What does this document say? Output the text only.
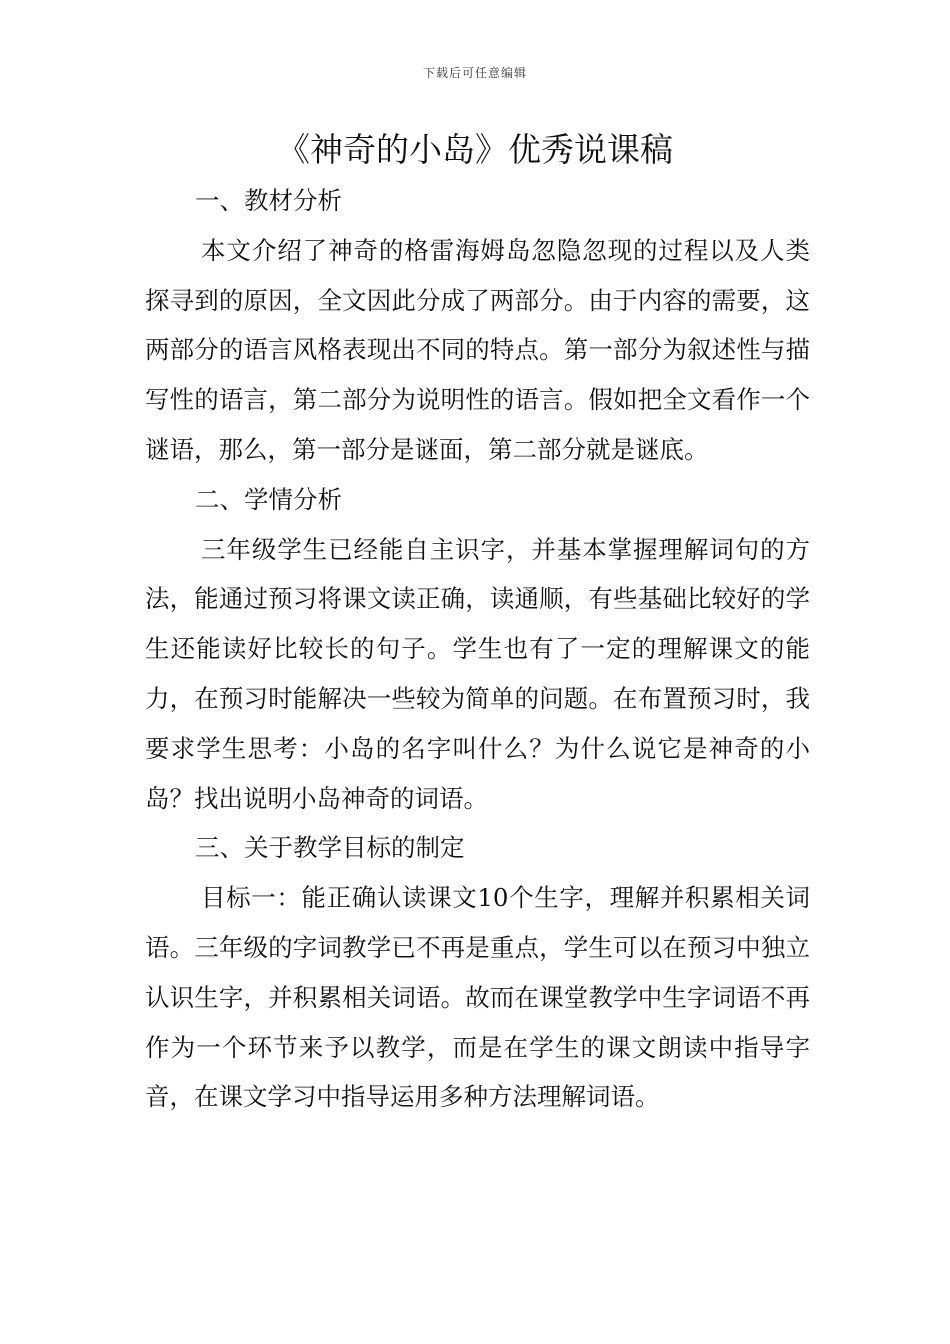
下载后可任意编辑
《神奇的小岛》优秀说课稿

一、教材分析

本文介绍了神奇的格雷海姆岛忽隐忽现的过程以及人类探寻到的原因，全文因此分成了两部分。由于内容的需要，这两部分的语言风格表现出不同的特点。第一部分为叙述性与描写性的语言，第二部分为说明性的语言。假如把全文看作一个谜语，那么，第一部分是谜面，第二部分就是谜底。

二、学情分析

三年级学生已经能自主识字，并基本掌握理解词句的方法，能通过预习将课文读正确，读通顺，有些基础比较好的学生还能读好比较长的句子。学生也有了一定的理解课文的能力，在预习时能解决一些较为简单的问题。在布置预习时，我要求学生思考：小岛的名字叫什么？为什么说它是神奇的小岛？找出说明小岛神奇的词语。

三、关于教学目标的制定

目标一：能正确认读课文10个生字，理解并积累相关词语。三年级的字词教学已不再是重点，学生可以在预习中独立认识生字，并积累相关词语。故而在课堂教学中生字词语不再作为一个环节来予以教学，而是在学生的课文朗读中指导字音，在课文学习中指导运用多种方法理解词语。
